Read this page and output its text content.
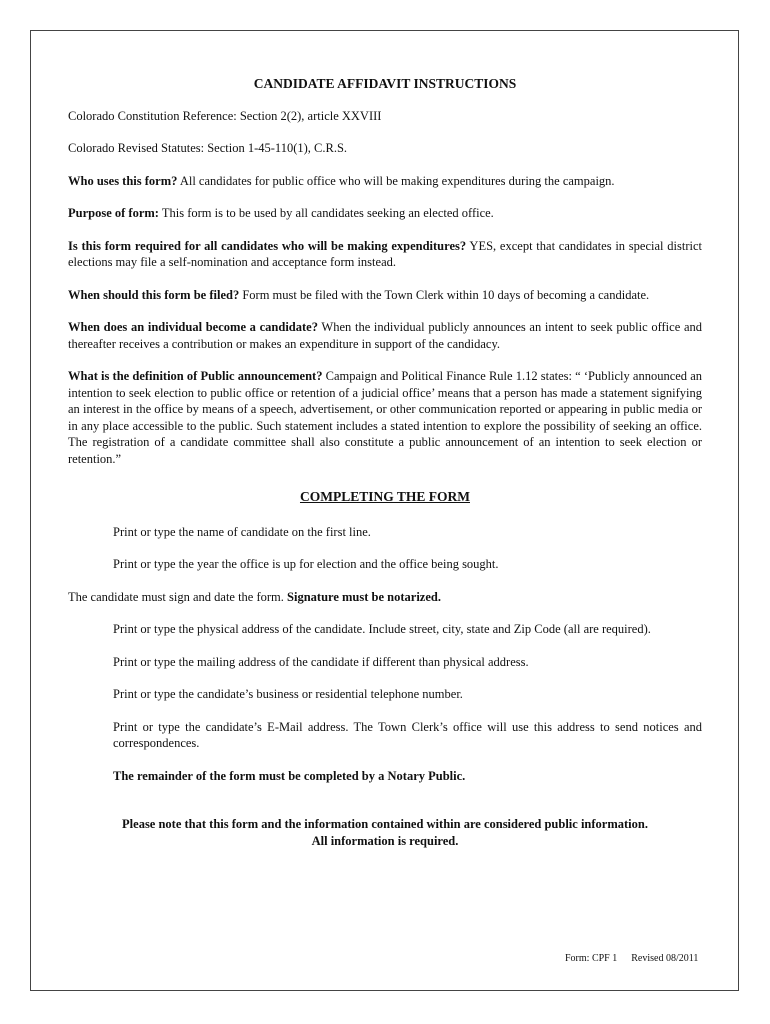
CANDIDATE AFFIDAVIT INSTRUCTIONS

Colorado Constitution Reference: Section 2(2), article XXVIII

Colorado Revised Statutes: Section 1-45-110(1), C.R.S.

Who uses this form? All candidates for public office who will be making expenditures during the campaign.

Purpose of form: This form is to be used by all candidates seeking an elected office.

Is this form required for all candidates who will be making expenditures? YES, except that candidates in special district elections may file a self-nomination and acceptance form instead.

When should this form be filed? Form must be filed with the Town Clerk within 10 days of becoming a candidate.

When does an individual become a candidate? When the individual publicly announces an intent to seek public office and thereafter receives a contribution or makes an expenditure in support of the candidacy.

What is the definition of Public announcement? Campaign and Political Finance Rule 1.12 states: “ ‘Publicly announced an intention to seek election to public office or retention of a judicial office’ means that a person has made a statement signifying an interest in the office by means of a speech, advertisement, or other communication reported or appearing in public media or in any place accessible to the public. Such statement includes a stated intention to explore the possibility of seeking an office. The registration of a candidate committee shall also constitute a public announcement of an intention to seek election or retention.”

COMPLETING THE FORM

Print or type the name of candidate on the first line.

Print or type the year the office is up for election and the office being sought.

The candidate must sign and date the form. Signature must be notarized.

Print or type the physical address of the candidate. Include street, city, state and Zip Code (all are required).

Print or type the mailing address of the candidate if different than physical address.

Print or type the candidate’s business or residential telephone number.

Print or type the candidate’s E-Mail address. The Town Clerk’s office will use this address to send notices and correspondences.

The remainder of the form must be completed by a Notary Public.

Please note that this form and the information contained within are considered public information.
All information is required.
Form: CPF 1 Revised 08/2011
